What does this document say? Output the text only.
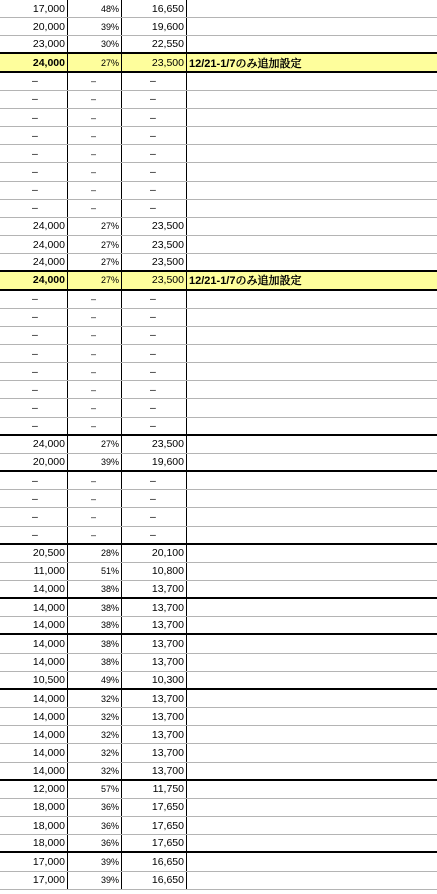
17,000	48%	16,650
20,000	39%	19,600
23,000	30%	22,550
24,000	27%	23,500 12/21-1/7のみ追加設定
–	–	–
–	–	–
–	–	–
–	–	–
–	–	–
–	–	–
–	–	–
–	–	–
24,000	27%	23,500
24,000	27%	23,500
24,000	27%	23,500
24,000	27%	23,500 12/21-1/7のみ追加設定
–	–	–
–	–	–
–	–	–
–	–	–
–	–	–
–	–	–
–	–	–
–	–	–
24,000	27%	23,500
20,000	39%	19,600
–	–	–
–	–	–
–	–	–
–	–	–
20,500	28%	20,100
11,000	51%	10,800
14,000	38%	13,700
14,000	38%	13,700
14,000	38%	13,700
14,000	38%	13,700
14,000	38%	13,700
10,500	49%	10,300
14,000	32%	13,700
14,000	32%	13,700
14,000	32%	13,700
14,000	32%	13,700
14,000	32%	13,700
12,000	57%	11,750
18,000	36%	17,650
18,000	36%	17,650
18,000	36%	17,650
17,000	39%	16,650
17,000	39%	16,650
